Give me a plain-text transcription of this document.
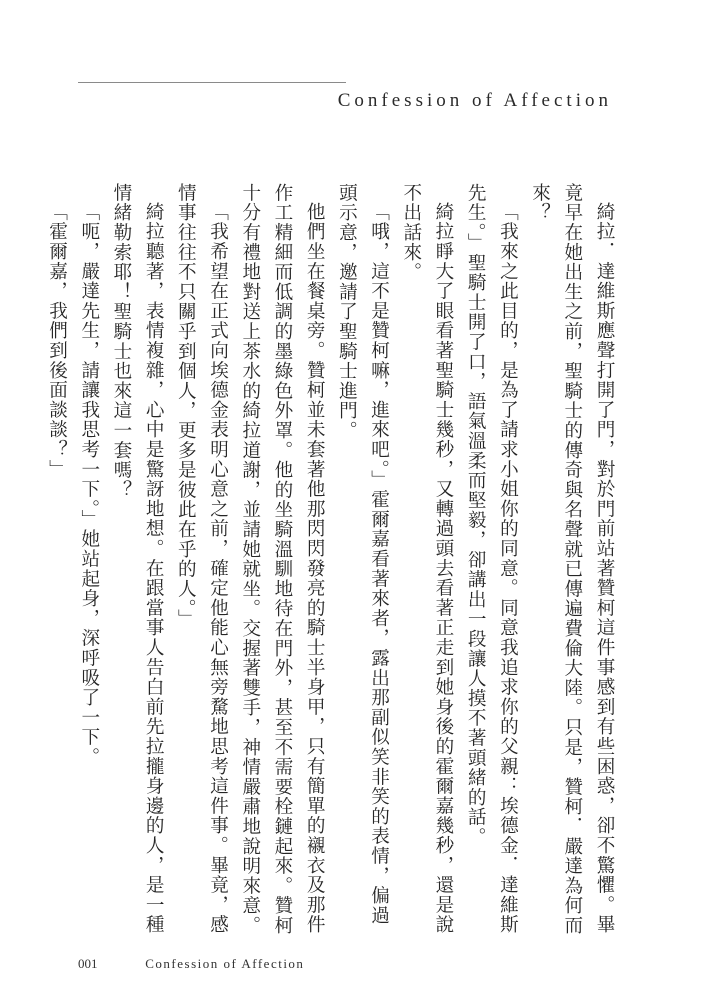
Confession of Affection

綺拉．達維斯應聲打開了門，對於門前站著贊柯這件事感到有些困惑，卻不驚懼。畢竟早在她出生之前，聖騎士的傳奇與名聲就已傳遍費倫大陸。只是，贊柯．嚴達為何而來？

「我來之此目的，是為了請求小姐你的同意。同意我追求你的父親：埃德金．達維斯先生。」聖騎士開了口，語氣溫柔而堅毅，卻講出一段讓人摸不著頭緒的話。

綺拉睜大了眼看著聖騎士幾秒，又轉過頭去看著正走到她身後的霍爾嘉幾秒，還是說不出話來。

「哦，這不是贊柯嘛，進來吧。」霍爾嘉看著來者，露出那副似笑非笑的表情，偏過頭示意，邀請了聖騎士進門。

他們坐在餐桌旁。贊柯並未套著他那閃閃發亮的騎士半身甲，只有簡單的襯衣及那件作工精細而低調的墨綠色外罩。他的坐騎溫馴地待在門外，甚至不需要栓鏈起來。贊柯十分有禮地對送上茶水的綺拉道謝，並請她就坐。交握著雙手，神情嚴肅地說明來意。

「我希望在正式向埃德金表明心意之前，確定他能心無旁騖地思考這件事。畢竟，感情事往往不只關乎到個人，更多是彼此在乎的人。」

綺拉聽著，表情複雜，心中是驚訝地想。在跟當事人告白前先拉攏身邊的人，是一種情緒勒索耶！聖騎士也來這一套嗎？

「呃，嚴達先生，請讓我思考一下。」她站起身，深呼吸了一下。

「霍爾嘉，我們到後面談談？」

001	Confession of Affection
